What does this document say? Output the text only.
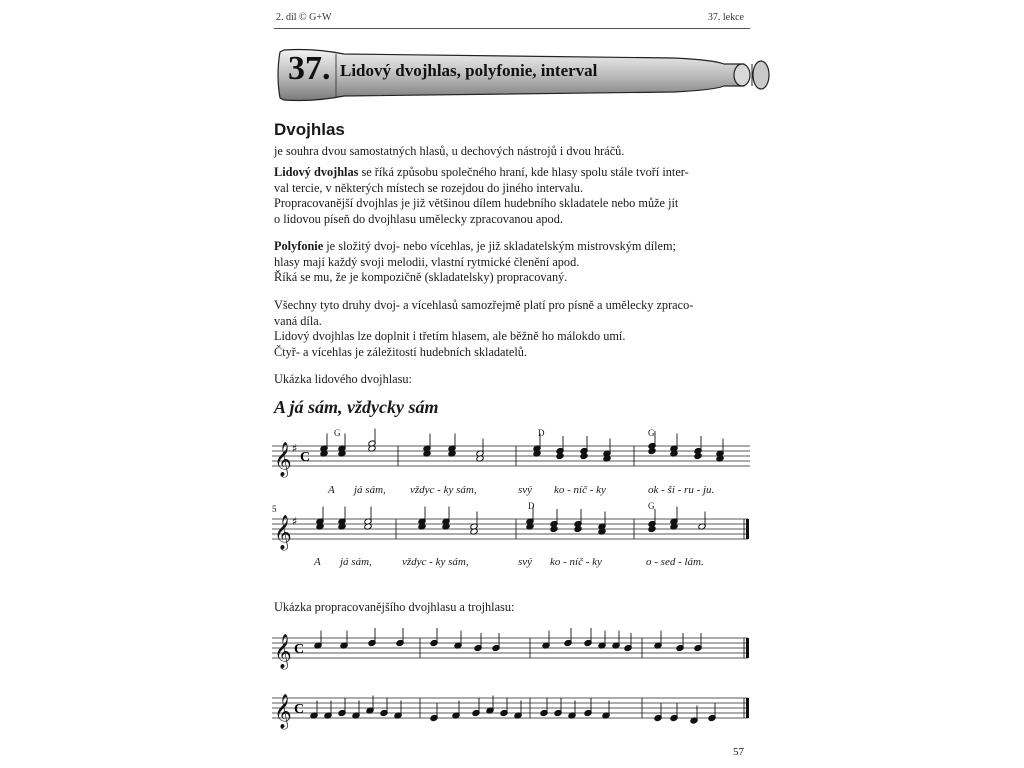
2. díl © G+W	37. lekce
37. Lidový dvojhlas, polyfonie, interval
Dvojhlas
je souhra dvou samostatných hlasů, u dechových nástrojů i dvou hráčů.
Lidový dvojhlas se říká způsobu společného hraní, kde hlasy spolu stále tvoří inter-
val tercie, v některých místech se rozejdou do jiného intervalu.
Propracovanější dvojhlas je již většinou dílem hudebního skladatele nebo může jít
o lidovou píseň do dvojhlasu umělecky zpracovanou apod.
Polyfonie je složitý dvoj- nebo vícehlas, je již skladatelským mistrovským dílem;
hlasy mají každý svoji melodii, vlastní rytmické členění apod.
Říká se mu, že je kompozičně (skladatelsky) propracovaný.
Všechny tyto druhy dvoj- a vícehlasů samozřejmě platí pro písně a umělecky zpraco-
vaná díla.
Lidový dvojhlas lze doplnit i třetím hlasem, ale běžně ho málokdo umí.
Čtyř- a vícehlas je záležitostí hudebních skladatelů.
Ukázka lidového dvojhlasu:
A já sám, vždycky sám
𝄞 ♯
C
G	D	G
A já sám, vždyc - ky sám,	svý ko - níč - ky	ok - ši - ru - ju.
5	D	G
𝄞 ♯
A já sám,	vždyc - ky sám,	svý ko - níč - ky	o - sed - lám.
Ukázka propracovanějšího dvojhlasu a trojhlasu:
𝄞 C
𝄞 C
57
